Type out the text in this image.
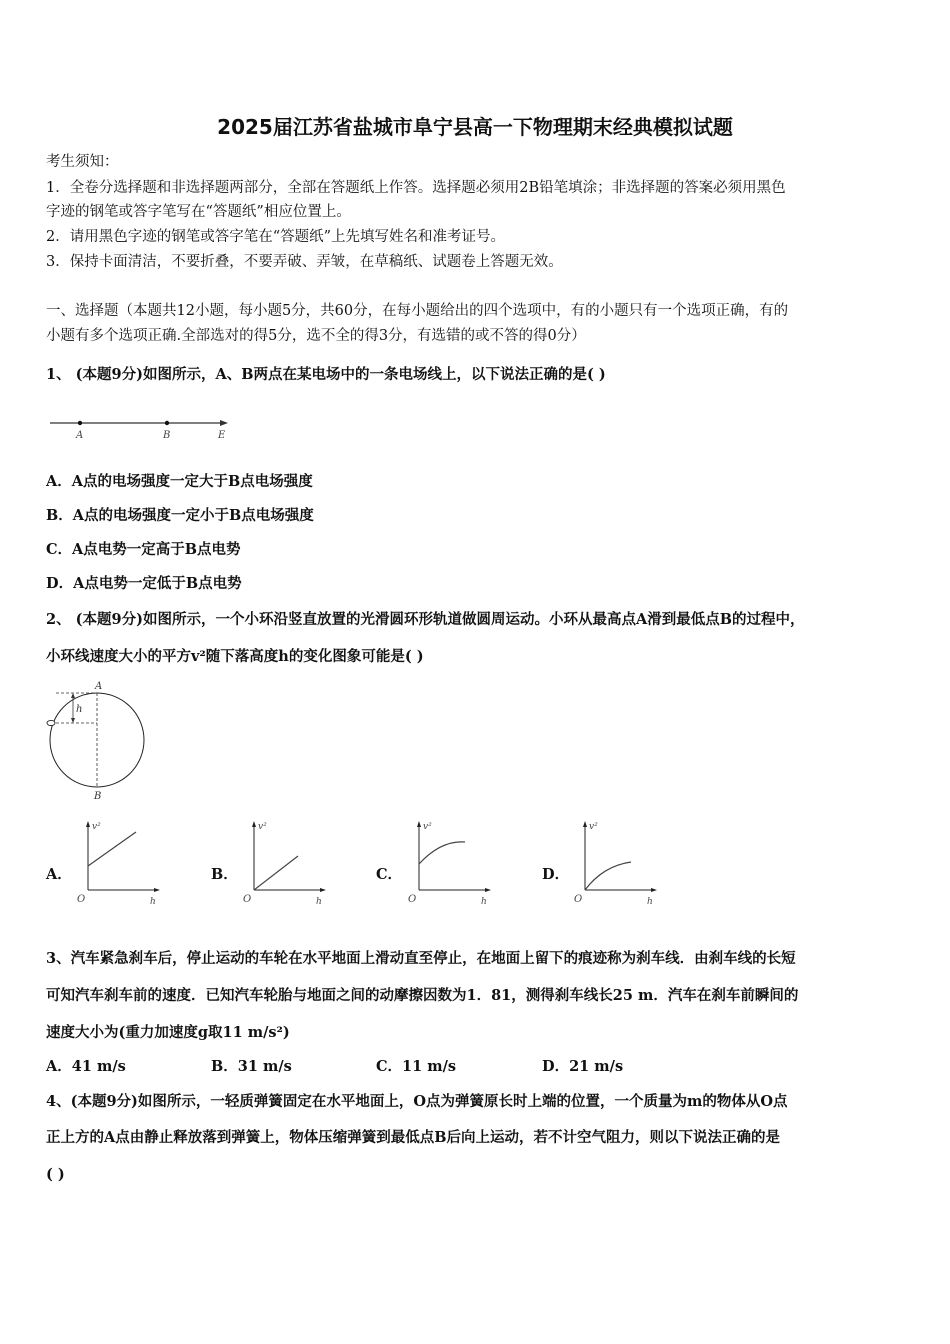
2025届江苏省盐城市阜宁县高一下物理期末经典模拟试题
考生须知：
1．全卷分选择题和非选择题两部分，全部在答题纸上作答。选择题必须用2B铅笔填涂；非选择题的答案必须用黑色
字迹的钢笔或答字笔写在“答题纸”相应位置上。
2．请用黑色字迹的钢笔或答字笔在“答题纸”上先填写姓名和准考证号。
3．保持卡面清洁，不要折叠，不要弄破、弄皱，在草稿纸、试题卷上答题无效。
一、选择题（本题共12小题，每小题5分，共60分，在每小题给出的四个选项中，有的小题只有一个选项正确，有的
小题有多个选项正确.全部选对的得5分，选不全的得3分，有选错的或不答的得0分）
1、 (本题9分)如图所示，A、B两点在某电场中的一条电场线上，以下说法正确的是( )
A	B	E
A．A点的电场强度一定大于B点电场强度
B．A点的电场强度一定小于B点电场强度
C．A点电势一定高于B点电势
D．A点电势一定低于B点电势
2、 (本题9分)如图所示，一个小环沿竖直放置的光滑圆环形轨道做圆周运动。小环从最高点A滑到最低点B的过程中，
小环线速度大小的平方v²随下落高度h的变化图象可能是( )
A
h
B
A．
v²
O	h
B．
v²
O	h
C．
v²
O	h
D．
v²
O	h
3、汽车紧急刹车后，停止运动的车轮在水平地面上滑动直至停止，在地面上留下的痕迹称为刹车线．由刹车线的长短
可知汽车刹车前的速度．已知汽车轮胎与地面之间的动摩擦因数为1．81，测得刹车线长25 m．汽车在刹车前瞬间的
速度大小为(重力加速度g取11 m/s²)
A．41 m/s	B．31 m/s	C．11 m/s	D．21 m/s
4、(本题9分)如图所示，一轻质弹簧固定在水平地面上，O点为弹簧原长时上端的位置，一个质量为m的物体从O点
正上方的A点由静止释放落到弹簧上，物体压缩弹簧到最低点B后向上运动，若不计空气阻力，则以下说法正确的是
( )
